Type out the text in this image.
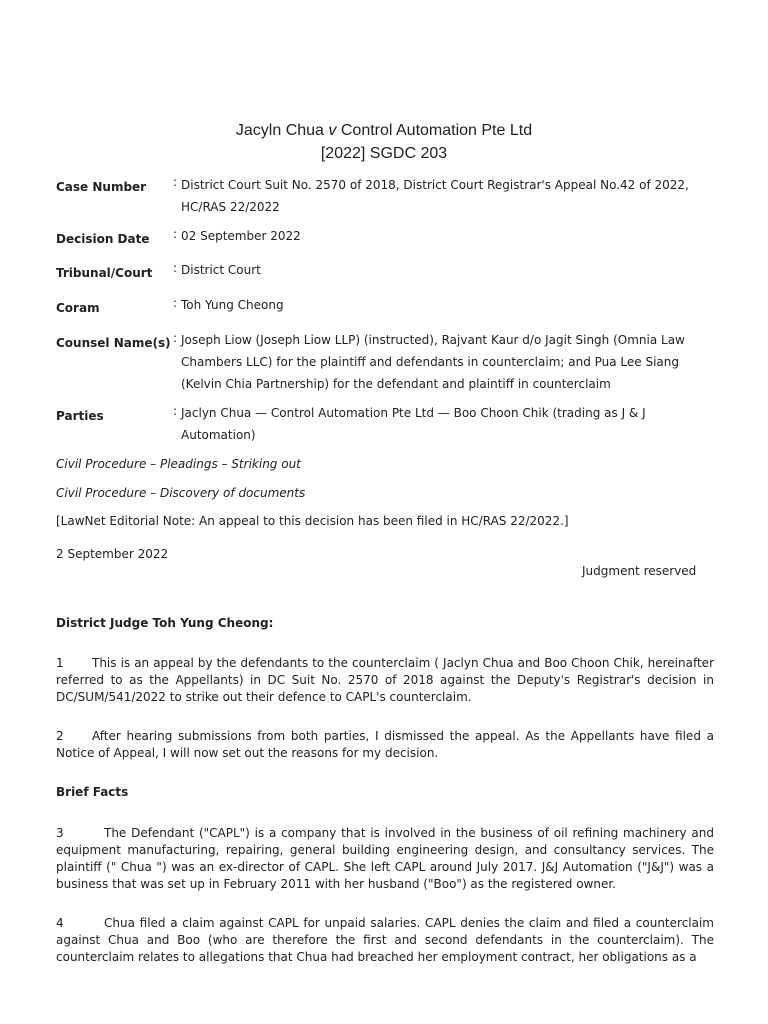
Jacyln Chua v Control Automation Pte Ltd
[2022] SGDC 203
Case Number : District Court Suit No. 2570 of 2018, District Court Registrar's Appeal No.42 of 2022, HC/RAS 22/2022
Decision Date : 02 September 2022
Tribunal/Court : District Court
Coram	: Toh Yung Cheong
Counsel Name(s) : Joseph Liow (Joseph Liow LLP) (instructed), Rajvant Kaur d/o Jagit Singh (Omnia Law Chambers LLC) for the plaintiff and defendants in counterclaim; and Pua Lee Siang (Kelvin Chia Partnership) for the defendant and plaintiff in counterclaim
Parties	: Jaclyn Chua — Control Automation Pte Ltd — Boo Choon Chik (trading as J & J Automation)
Civil Procedure – Pleadings – Striking out
Civil Procedure – Discovery of documents
[LawNet Editorial Note: An appeal to this decision has been filed in HC/RAS 22/2022.]
2 September 2022
Judgment reserved
District Judge Toh Yung Cheong:
1 This is an appeal by the defendants to the counterclaim ( Jaclyn Chua and Boo Choon Chik, hereinafter referred to as the Appellants) in DC Suit No. 2570 of 2018 against the Deputy's Registrar's decision in DC/SUM/541/2022 to strike out their defence to CAPL's counterclaim.
2 After hearing submissions from both parties, I dismissed the appeal. As the Appellants have filed a Notice of Appeal, I will now set out the reasons for my decision.
Brief Facts
3	The Defendant ("CAPL") is a company that is involved in the business of oil refining machinery and equipment manufacturing, repairing, general building engineering design, and consultancy services. The plaintiff (" Chua ") was an ex-director of CAPL. She left CAPL around July 2017. J&J Automation ("J&J") was a business that was set up in February 2011 with her husband ("Boo") as the registered owner.
4	Chua filed a claim against CAPL for unpaid salaries. CAPL denies the claim and filed a counterclaim against Chua and Boo (who are therefore the first and second defendants in the counterclaim). The counterclaim relates to allegations that Chua had breached her employment contract, her obligations as a
